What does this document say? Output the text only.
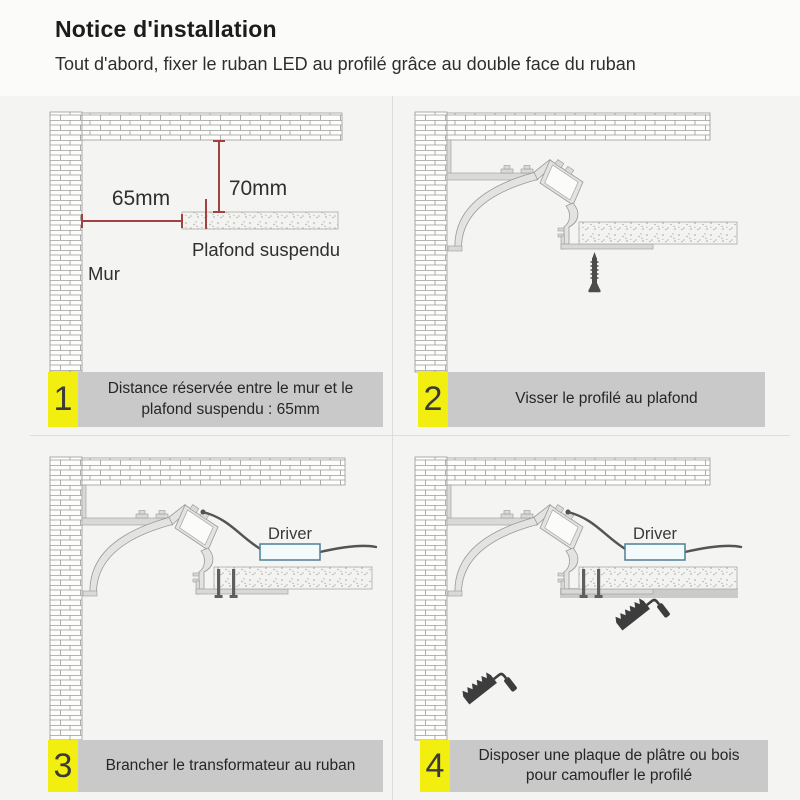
Notice d'installation
Tout d'abord, fixer le ruban LED au profilé grâce au double face du ruban
65mm	70mm
Plafond suspendu
Mur
Driver	Driver
1	Distance réservée entre le mur et le plafond suspendu : 65mm	2	Visser le profilé au plafond
3	Brancher le transformateur au ruban	4	Disposer une plaque de plâtre ou bois pour camoufler le profilé
